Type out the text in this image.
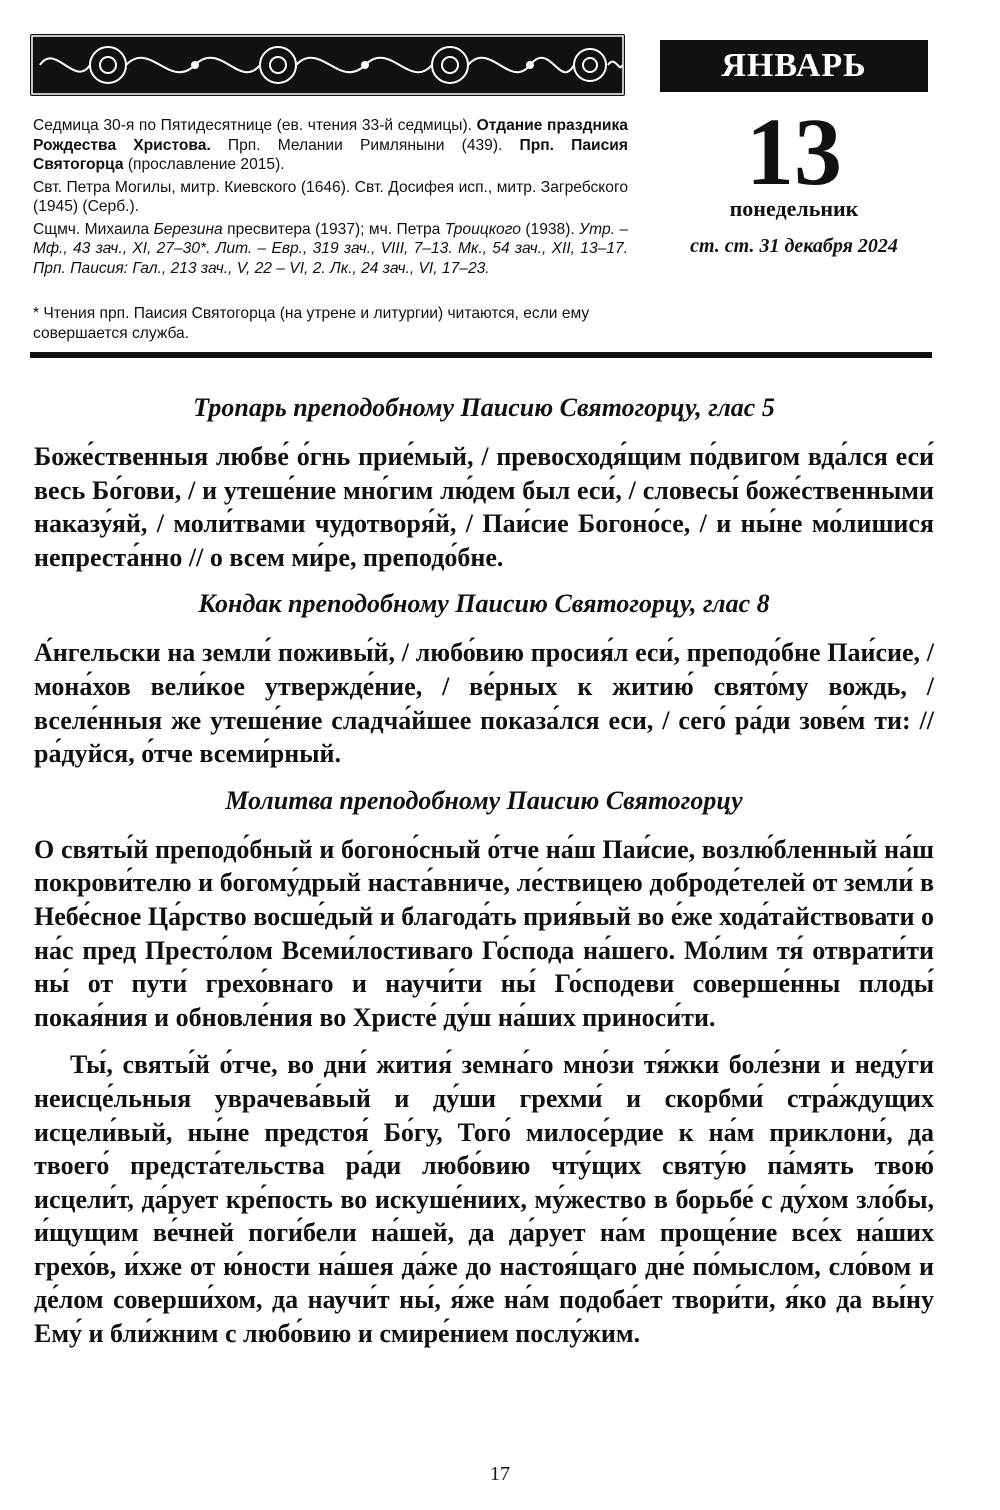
Седмица 30-я по Пятидесятнице (ев. чтения 33-й седмицы). Отдание праздника Рождества Христова. Прп. Мелании Римляныни (439). Прп. Паисия Святогорца (прославление 2015).

Свт. Петра Могилы, митр. Киевского (1646). Свт. Досифея исп., митр. Загребского (1945) (Серб.).

Сщмч. Михаила Березина пресвитера (1937); мч. Петра Троицкого (1938). Утр. – Мф., 43 зач., XI, 27–30*. Лит. – Евр., 319 зач., VIII, 7–13. Мк., 54 зач., XII, 13–17. Прп. Паисия: Гал., 213 зач., V, 22 – VI, 2. Лк., 24 зач., VI, 17–23.

* Чтения прп. Паисия Святогорца (на утрене и литургии) читаются, если ему совершается служба.
ЯНВАРЬ
13
понедельник
ст. ст. 31 декабря 2024
Тропарь преподобному Паисию Святогорцу, глас 5

Боже́ственныя любве́ о́гнь прие́мый, / превосходя́щим по́двигом вда́лся еси́ весь Бо́гови, / и утеше́ние мно́гим лю́дем был еси́, / словесы́ боже́ственными наказу́яй, / моли́твами чудотворя́й, / Паи́сие Богоно́се, / и ны́не мо́лишися непреста́нно // о всем ми́ре, преподо́бне.

Кондак преподобному Паисию Святогорцу, глас 8

А́нгельски на земли́ поживы́й, / любо́вию просия́л еси́, преподо́бне Паи́сие, / мона́хов вели́кое утвержде́ние, / ве́рных к житию́ свято́му вождь, / вселе́нныя же утеше́ние сладча́йшее показа́лся еси, / сего́ ра́ди зове́м ти: // ра́дуйся, о́тче всеми́рный.

Молитва преподобному Паисию Святогорцу

О святы́й преподо́бный и богоно́сный о́тче на́ш Паи́сие, возлю́бленный на́ш покрови́телю и богому́дрый наста́вниче, ле́ствицею доброде́телей от земли́ в Небе́сное Ца́рство восше́дый и благода́ть прия́вый во е́же хода́тайствовати о на́с пред Престо́лом Всеми́лостиваго Го́спода на́шего. Мо́лим тя́ отврати́ти ны́ от пути́ грехо́внаго и научи́ти ны́ Го́сподеви соверше́нны плоды́ покая́ния и обновле́ния во Христе́ ду́ш на́ших приноси́ти.

Ты́, святы́й о́тче, во дни́ жития́ земна́го мно́зи тя́жки боле́зни и неду́ги неисце́льныя уврачева́вый и ду́ши грехми́ и скорбми́ стра́ждущих исцели́вый, ны́не предстоя́ Бо́гу, Того́ милосе́рдие к на́м приклони́, да твоего́ предста́тельства ра́ди любо́вию чту́щих святу́ю па́мять твою́ исцели́т, да́рует кре́пость во искуше́ниих, му́жество в борьбе́ с ду́хом зло́бы, и́щущим ве́чней поги́бели на́шей, да да́рует на́м проще́ние все́х на́ших грехо́в, и́хже от ю́ности на́шея да́же до настоя́щаго дне́ по́мыслом, сло́вом и де́лом соверши́хом, да научи́т ны́, я́же на́м подоба́ет твори́ти, я́ко да вы́ну Ему́ и бли́жним с любо́вию и смире́нием послу́жим.

17
